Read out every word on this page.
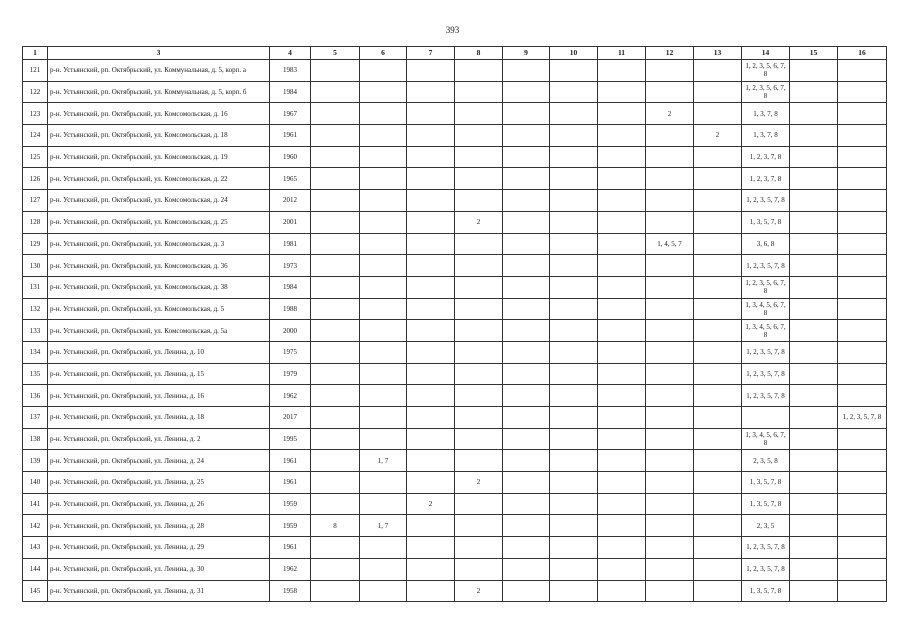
393
1	3	4	5	6	7	8	9	10	11	12	13	14	15	16
121	р-н. Устьянский, рп. Октябрьский, ул. Коммунальная, д. 5, корп. а	1983										1, 2, 3, 5, 6, 7, 8		
122	р-н. Устьянский, рп. Октябрьский, ул. Коммунальная, д. 5, корп. б	1984										1, 2, 3, 5, 6, 7, 8		
123	р-н. Устьянский, рп. Октябрьский, ул. Комсомольская, д. 16	1967								2		1, 3, 7, 8		
124	р-н. Устьянский, рп. Октябрьский, ул. Комсомольская, д. 18	1961									2	1, 3, 7, 8		
125	р-н. Устьянский, рп. Октябрьский, ул. Комсомольская, д. 19	1960										1, 2, 3, 7, 8		
126	р-н. Устьянский, рп. Октябрьский, ул. Комсомольская, д. 22	1965										1, 2, 3, 7, 8		
127	р-н. Устьянский, рп. Октябрьский, ул. Комсомольская, д. 24	2012										1, 2, 3, 5, 7, 8		
128	р-н. Устьянский, рп. Октябрьский, ул. Комсомольская, д. 25	2001				2						1, 3, 5, 7, 8		
129	р-н. Устьянский, рп. Октябрьский, ул. Комсомольская, д. 3	1981								1, 4, 5, 7		3, 6, 8		
130	р-н. Устьянский, рп. Октябрьский, ул. Комсомольская, д. 36	1973										1, 2, 3, 5, 7, 8		
131	р-н. Устьянский, рп. Октябрьский, ул. Комсомольская, д. 38	1984										1, 2, 3, 5, 6, 7, 8		
132	р-н. Устьянский, рп. Октябрьский, ул. Комсомольская, д. 5	1988										1, 3, 4, 5, 6, 7, 8		
133	р-н. Устьянский, рп. Октябрьский, ул. Комсомольская, д. 5а	2000										1, 3, 4, 5, 6, 7, 8		
134	р-н. Устьянский, рп. Октябрьский, ул. Ленина, д. 10	1975										1, 2, 3, 5, 7, 8		
135	р-н. Устьянский, рп. Октябрьский, ул. Ленина, д. 15	1979										1, 2, 3, 5, 7, 8		
136	р-н. Устьянский, рп. Октябрьский, ул. Ленина, д. 16	1962										1, 2, 3, 5, 7, 8		
137	р-н. Устьянский, рп. Октябрьский, ул. Ленина, д. 18	2017												1, 2, 3, 5, 7, 8
138	р-н. Устьянский, рп. Октябрьский, ул. Ленина, д. 2	1995										1, 3, 4, 5, 6, 7, 8		
139	р-н. Устьянский, рп. Октябрьский, ул. Ленина, д. 24	1961		1, 7								2, 3, 5, 8		
140	р-н. Устьянский, рп. Октябрьский, ул. Ленина, д. 25	1961				2						1, 3, 5, 7, 8		
141	р-н. Устьянский, рп. Октябрьский, ул. Ленина, д. 26	1959			2							1, 3, 5, 7, 8		
142	р-н. Устьянский, рп. Октябрьский, ул. Ленина, д. 28	1959	8	1, 7								2, 3, 5		
143	р-н. Устьянский, рп. Октябрьский, ул. Ленина, д. 29	1961										1, 2, 3, 5, 7, 8		
144	р-н. Устьянский, рп. Октябрьский, ул. Ленина, д. 30	1962										1, 2, 3, 5, 7, 8		
145	р-н. Устьянский, рп. Октябрьский, ул. Ленина, д. 31	1958				2						1, 3, 5, 7, 8		
